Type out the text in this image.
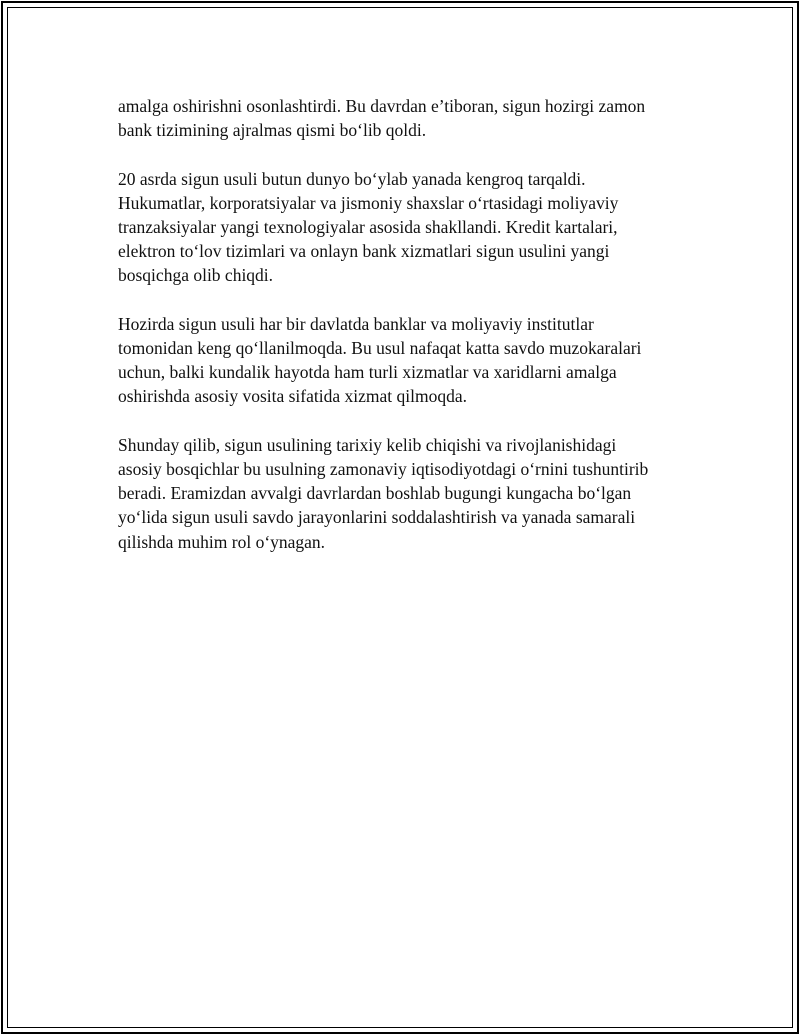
amalga oshirishni osonlashtirdi. Bu davrdan e’tiboran, sigun hozirgi zamon
bank tizimining ajralmas qismi bo‘lib qoldi.

20 asrda sigun usuli butun dunyo bo‘ylab yanada kengroq tarqaldi.
Hukumatlar, korporatsiyalar va jismoniy shaxslar o‘rtasidagi moliyaviy
tranzaksiyalar yangi texnologiyalar asosida shakllandi. Kredit kartalari,
elektron to‘lov tizimlari va onlayn bank xizmatlari sigun usulini yangi
bosqichga olib chiqdi.

Hozirda sigun usuli har bir davlatda banklar va moliyaviy institutlar
tomonidan keng qo‘llanilmoqda. Bu usul nafaqat katta savdo muzokaralari
uchun, balki kundalik hayotda ham turli xizmatlar va xaridlarni amalga
oshirishda asosiy vosita sifatida xizmat qilmoqda.

Shunday qilib, sigun usulining tarixiy kelib chiqishi va rivojlanishidagi
asosiy bosqichlar bu usulning zamonaviy iqtisodiyotdagi o‘rnini tushuntirib
beradi. Eramizdan avvalgi davrlardan boshlab bugungi kungacha bo‘lgan
yo‘lida sigun usuli savdo jarayonlarini soddalashtirish va yanada samarali
qilishda muhim rol o‘ynagan.
